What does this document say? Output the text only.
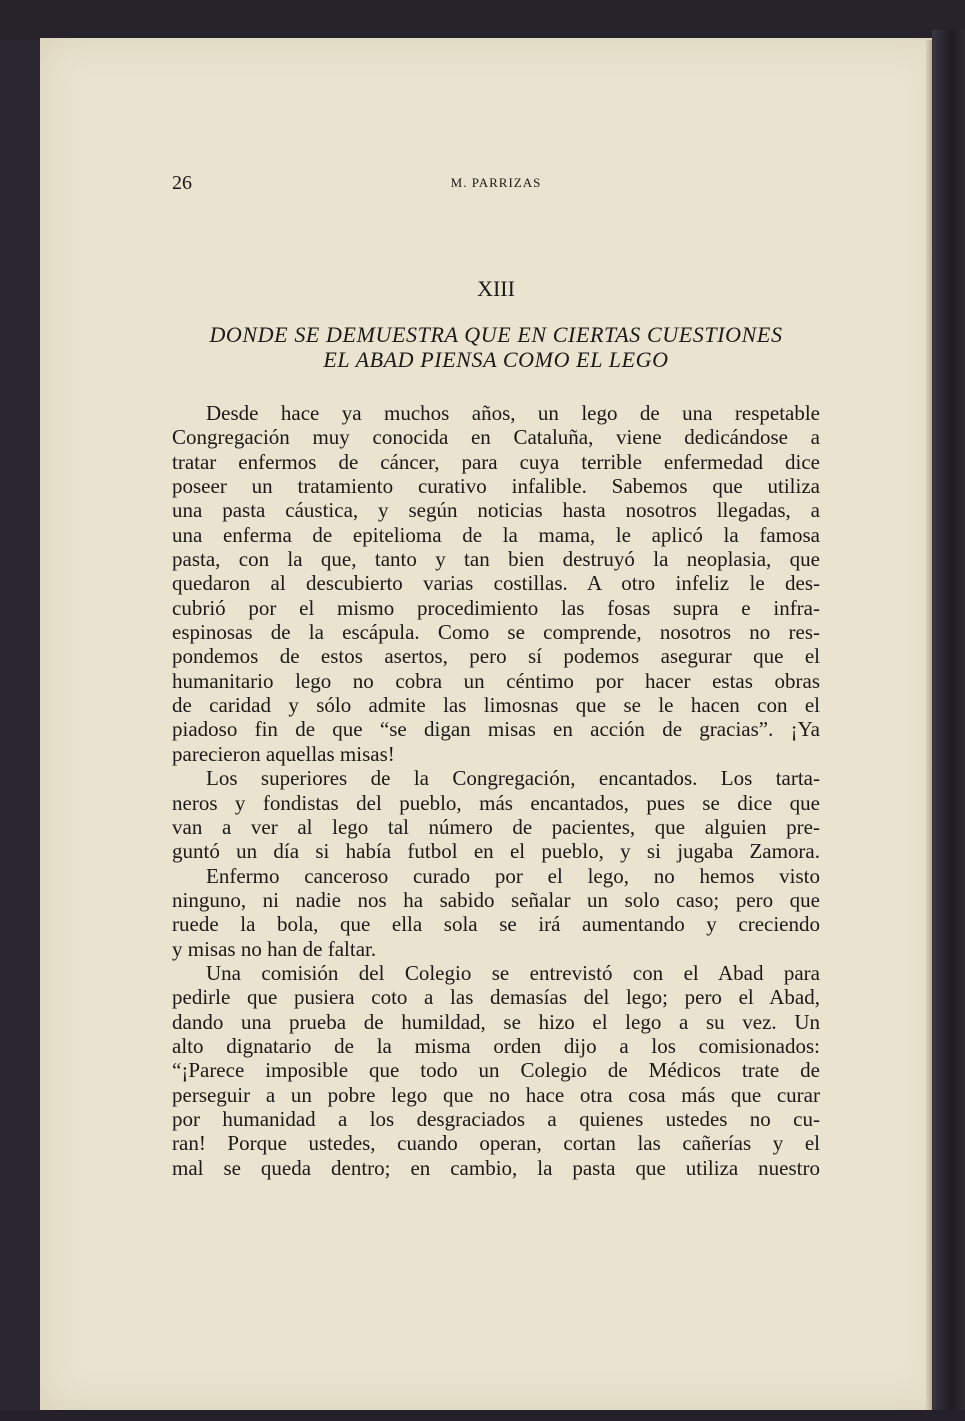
26	M. PARRIZAS
XIII
DONDE SE DEMUESTRA QUE EN CIERTAS CUESTIONES
EL ABAD PIENSA COMO EL LEGO
Desde hace ya muchos años, un lego de una respetable
Congregación muy conocida en Cataluña, viene dedicándose a
tratar enfermos de cáncer, para cuya terrible enfermedad dice
poseer un tratamiento curativo infalible. Sabemos que utiliza
una pasta cáustica, y según noticias hasta nosotros llegadas, a
una enferma de epitelioma de la mama, le aplicó la famosa
pasta, con la que, tanto y tan bien destruyó la neoplasia, que
quedaron al descubierto varias costillas. A otro infeliz le des-
cubrió por el mismo procedimiento las fosas supra e infra-
espinosas de la escápula. Como se comprende, nosotros no res-
pondemos de estos asertos, pero sí podemos asegurar que el
humanitario lego no cobra un céntimo por hacer estas obras
de caridad y sólo admite las limosnas que se le hacen con el
piadoso fin de que “se digan misas en acción de gracias”. ¡Ya
parecieron aquellas misas!
Los superiores de la Congregación, encantados. Los tarta-
neros y fondistas del pueblo, más encantados, pues se dice que
van a ver al lego tal número de pacientes, que alguien pre-
guntó un día si había futbol en el pueblo, y si jugaba Zamora.
Enfermo canceroso curado por el lego, no hemos visto
ninguno, ni nadie nos ha sabido señalar un solo caso; pero que
ruede la bola, que ella sola se irá aumentando y creciendo
y misas no han de faltar.
Una comisión del Colegio se entrevistó con el Abad para
pedirle que pusiera coto a las demasías del lego; pero el Abad,
dando una prueba de humildad, se hizo el lego a su vez. Un
alto dignatario de la misma orden dijo a los comisionados:
“¡Parece imposible que todo un Colegio de Médicos trate de
perseguir a un pobre lego que no hace otra cosa más que curar
por humanidad a los desgraciados a quienes ustedes no cu-
ran! Porque ustedes, cuando operan, cortan las cañerías y el
mal se queda dentro; en cambio, la pasta que utiliza nuestro
